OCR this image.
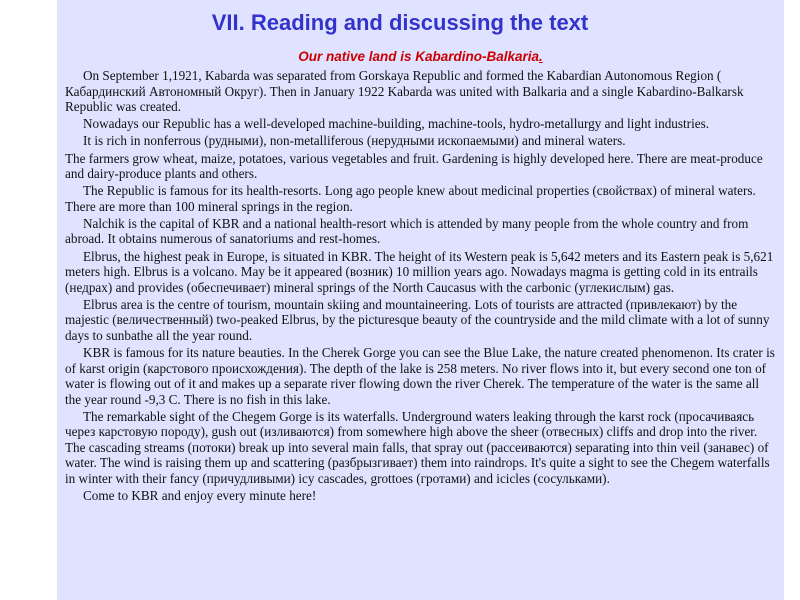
VII. Reading and discussing the text
Our native land is Kabardino-Balkaria.

On September 1,1921, Kabarda was separated from Gorskaya Republic and formed the Kabardian Autonomous Region ( Кабардинский Автономный Округ). Then in January 1922 Kabarda was united with Balkaria and a single Kabardino-Balkarsk Republic was created.

Nowadays our Republic has a well-developed machine-building, machine-tools, hydro-metallurgy and light industries.

It is rich in nonferrous (рудными), non-metalliferous (нерудными ископаемыми) and mineral waters.

The farmers grow wheat, maize, potatoes, various vegetables and fruit. Gardening is highly developed here. There are meat-produce and dairy-produce plants and others.

The Republic is famous for its health-resorts. Long ago people knew about medicinal properties (свойствах) of mineral waters. There are more than 100 mineral springs in the region.

Nalchik is the capital of KBR and a national health-resort which is attended by many people from the whole country and from abroad. It obtains numerous of sanatoriums and rest-homes.

Elbrus, the highest peak in Europe, is situated in KBR. The height of its Western peak is 5,642 meters and its Eastern peak is 5,621 meters high. Elbrus is a volcano. May be it appeared (возник) 10 million years ago. Nowadays magma is getting cold in its entrails (недрах) and provides (обеспечивает) mineral springs of the North Caucasus with the carbonic (углекислым) gas.

Elbrus area is the centre of tourism, mountain skiing and mountaineering. Lots of tourists are attracted (привлекают) by the majestic (величественный) two-peaked Elbrus, by the picturesque beauty of the countryside and the mild climate with a lot of sunny days to sunbathe all the year round.

KBR is famous for its nature beauties. In the Cherek Gorge you can see the Blue Lake, the nature created phenomenon. Its crater is of karst origin (карстового происхождения). The depth of the lake is 258 meters. No river flows into it, but every second one ton of water is flowing out of it and makes up a separate river flowing down the river Cherek. The temperature of the water is the same all the year round -9,3 C. There is no fish in this lake.

The remarkable sight of the Chegem Gorge is its waterfalls. Underground waters leaking through the karst rock (просачиваясь через карстовую породу), gush out (изливаются) from somewhere high above the sheer (отвесных) cliffs and drop into the river. The cascading streams (потоки) break up into several main falls, that spray out (рассеиваются) separating into thin veil (занавес) of water. The wind is raising them up and scattering (разбрызгивает) them into raindrops. It's quite a sight to see the Chegem waterfalls in winter with their fancy (причудливыми) icy cascades, grottoes (гротами) and icicles (сосульками).

Come to KBR and enjoy every minute here!
